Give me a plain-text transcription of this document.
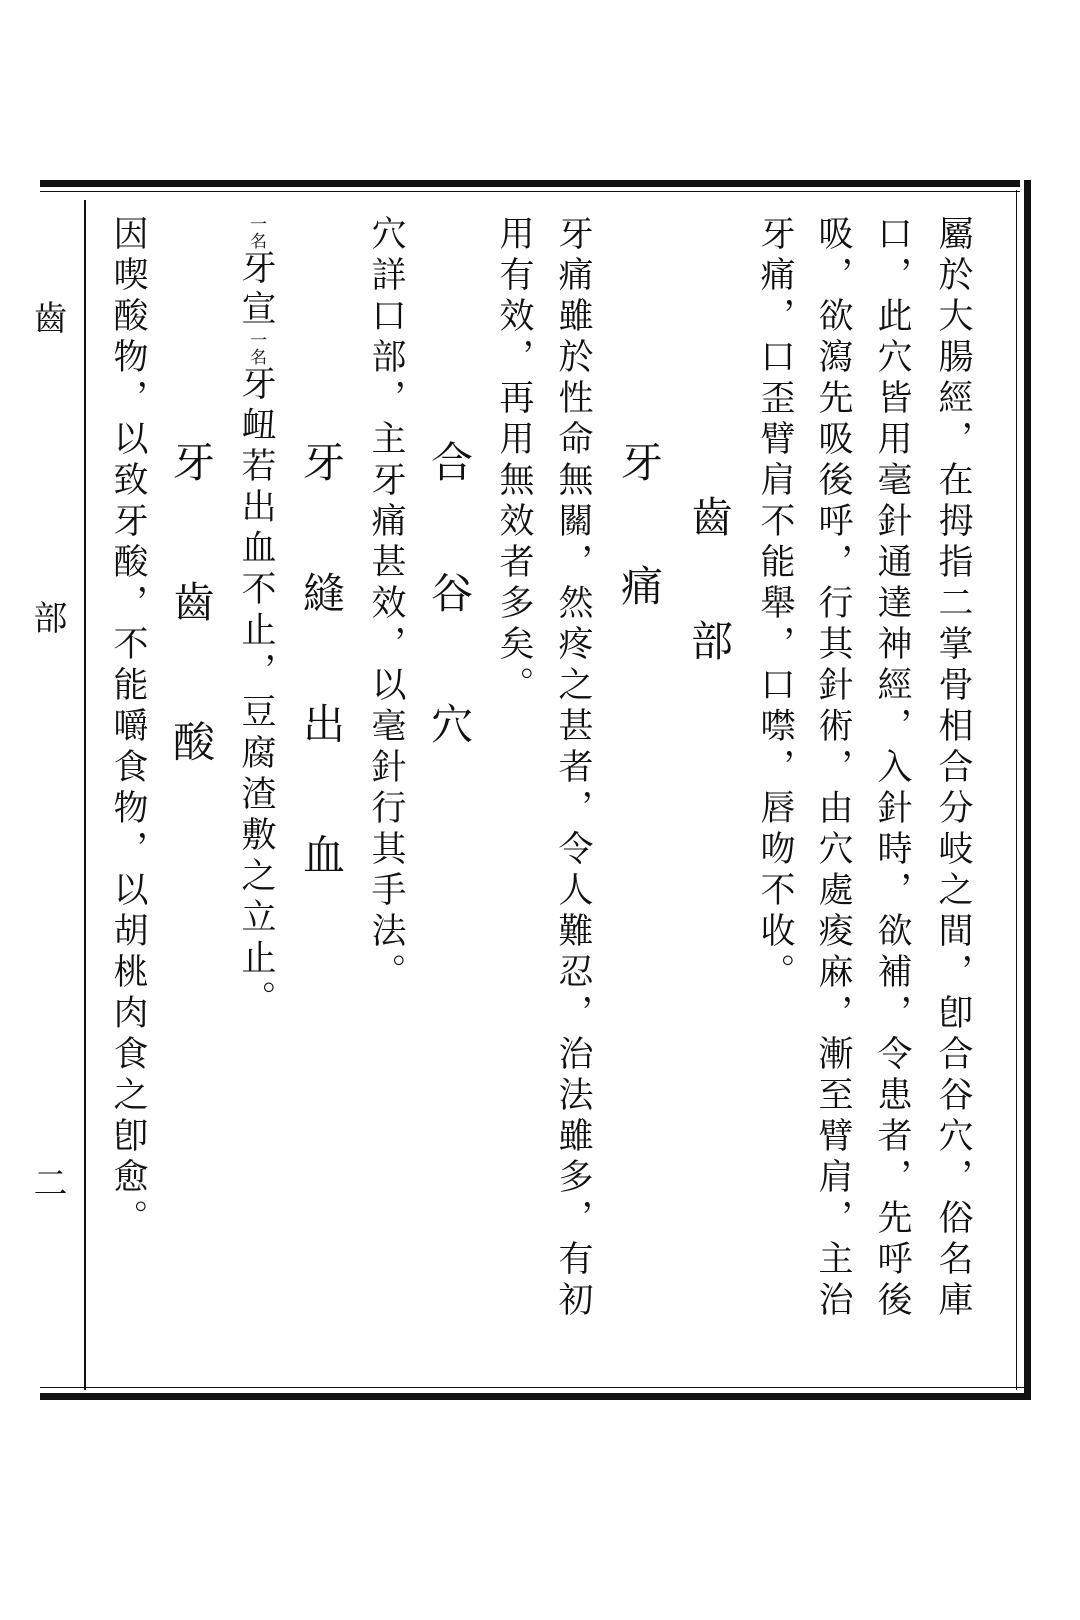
齒
部
二	屬於大腸經，在拇指二掌骨相合分岐之間，卽合谷穴，俗名庫
口，此穴皆用毫針通達神經，入針時，欲補，令患者，先呼後
吸，欲瀉先吸後呼，行其針術，由穴處痠麻，漸至臂肩，主治
牙痛，口歪臂肩不能舉，口噤，唇吻不收。
齒　部
牙　痛
牙痛雖於性命無關，然疼之甚者，令人難忍，治法雖多，有初
用有效，再用無效者多矣。
合 谷 穴
穴詳口部，主牙痛甚效，以毫針行其手法。
牙 縫 出 血
一名牙宣一名牙衄若出血不止，豆腐渣敷之立止。
牙　齒　酸
因喫酸物，以致牙酸，不能嚼食物，以胡桃肉食之卽愈。
